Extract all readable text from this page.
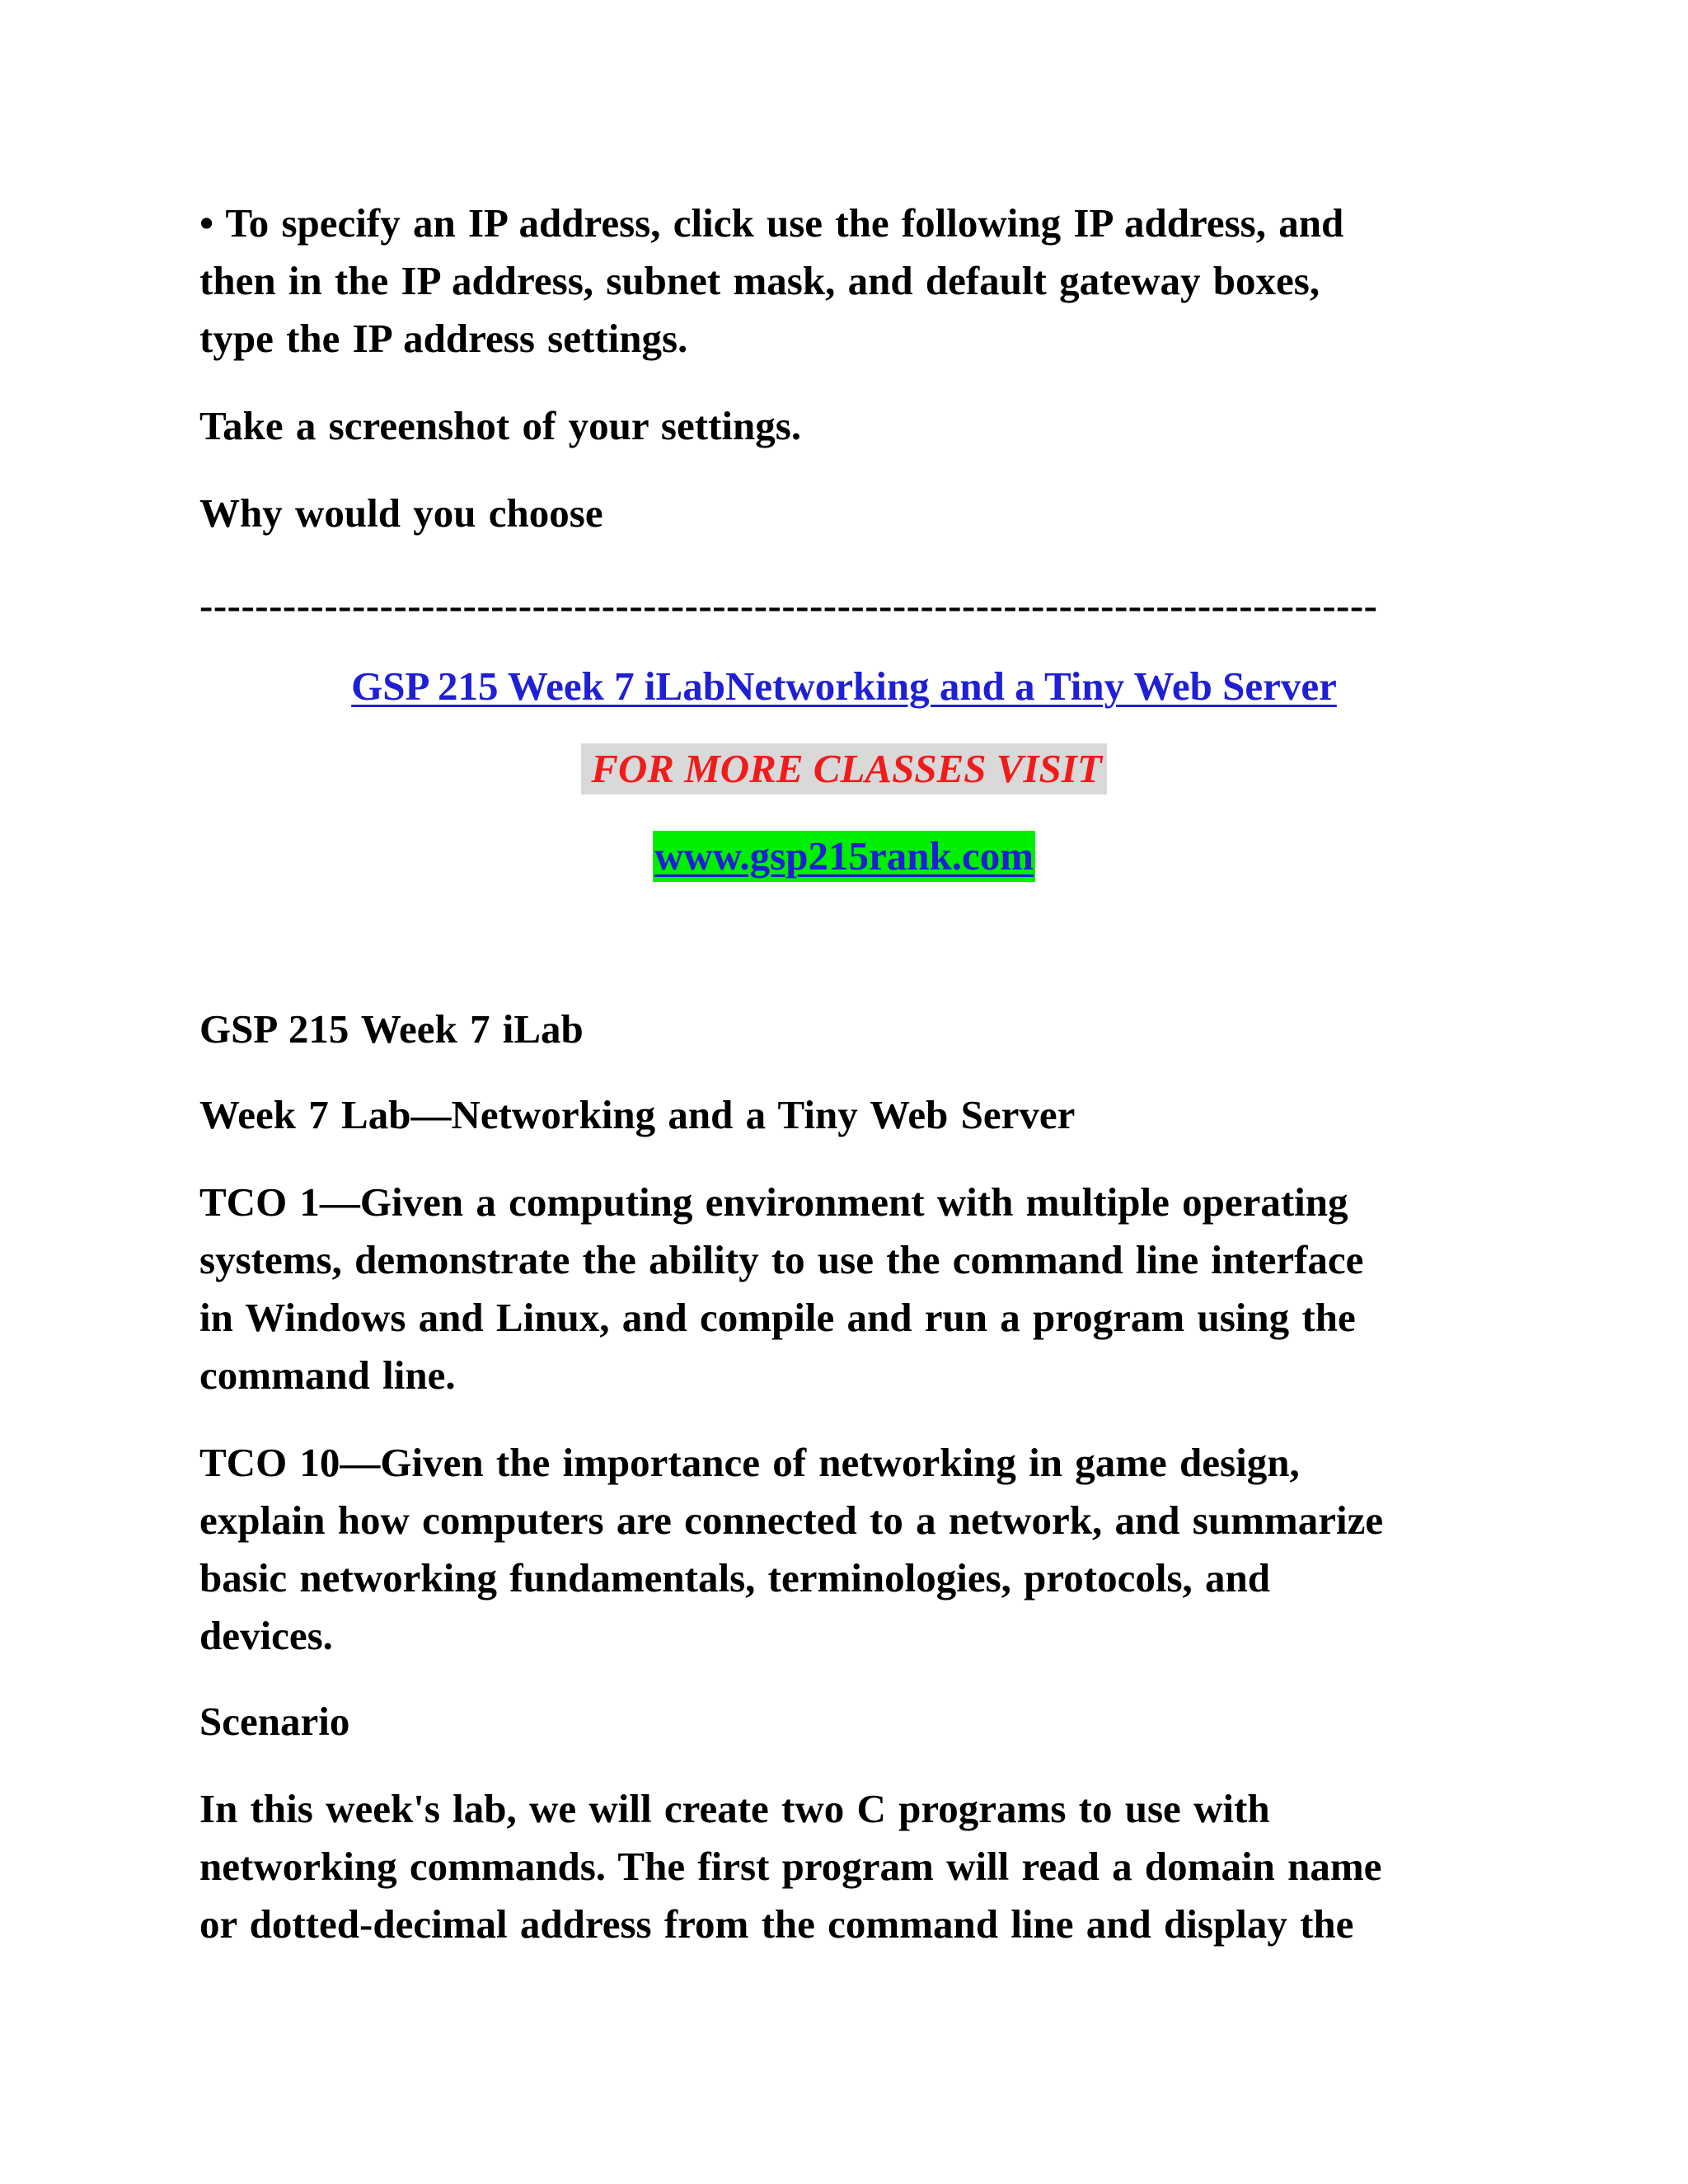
• To specify an IP address, click use the following IP address, and
then in the IP address, subnet mask, and default gateway boxes,
type the IP address settings.

Take a screenshot of your settings.

Why would you choose

-------------------------------------------------------------------------------------

GSP 215 Week 7 iLabNetworking and a Tiny Web Server

FOR MORE CLASSES VISIT

www.gsp215rank.com

GSP 215 Week 7 iLab

Week 7 Lab—Networking and a Tiny Web Server

TCO 1—Given a computing environment with multiple operating
systems, demonstrate the ability to use the command line interface
in Windows and Linux, and compile and run a program using the
command line.

TCO 10—Given the importance of networking in game design,
explain how computers are connected to a network, and summarize
basic networking fundamentals, terminologies, protocols, and
devices.

Scenario

In this week's lab, we will create two C programs to use with
networking commands. The first program will read a domain name
or dotted-decimal address from the command line and display the
